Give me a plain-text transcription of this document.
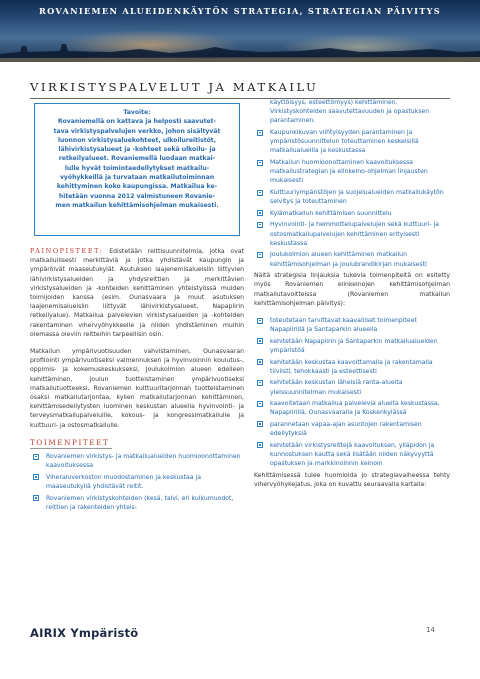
ROVANIEMEN ALUEIDENKÄYTÖN STRATEGIA, STRATEGIAN PÄIVITYS
VIRKISTYSPALVELUT JA MATKAILU
Tavoite:
Rovaniemellä on kattava ja helposti saavutet-
tava virkistyspalvelujen verkko, johon sisältyvät
luonnon virkistysaluekohteet, ulkoilureitistöt,
lähivirkistysalueet ja -kohteet sekä ulkoilu- ja
retkeilyalueet. Rovaniemellä luodaan matkai-
lulle hyvät toimintaedellytykset matkailu-
vyöhykkeillä ja turvataan matkailutoiminnan
kehittyminen koko kaupungissa. Matkailua ke-
hitetään vuonna 2012 valmistuneen Rovanie-
men matkailun kehittämisohjelman mukaisesti.

PAINOPISTEET: Edistetään reittisuunnitelmia, jotka ovat matkailullisesti merkittäviä ja jotka yhdistävät kaupungin ja ympäröivät maaseutukylät. Asutuksen laajenemisalueisiin liittyvien lähivirkistysalueiden ja yhdysreittien ja merkittävien virkistysalueiden ja -kohteiden kehittäminen yhteistyössä muiden toimijoiden kanssa (esim. Ounasvaara ja muut asutuksen laajenemisalueisiin liittyvät lähivirkistysalueet, Napapiirin retkeilyalue). Matkailua palvelevien virkistysalueiden ja -kohteiden rakentaminen vihervyöhykkeelle ja niiden yhdistäminen muihin olemassa oleviin reitteihin tarpeellisin osin.

Matkailun ympärivuotisuuden vahvistaminen, Ounasvaaran profilointi ympärivuotiseksi valmennuksen ja hyvinvoinnin koulutus-, oppimis- ja kokemuskeskukseksi, Joulukolmion alueen edelleen kehittäminen, joulun tuotteistaminen ympärivuotiseksi matkailutuotteeksi, Rovaniemen kulttuuritarjonnan tuotteistaminen osaksi matkailutarjontaa, kylien matkailutarjonnan kehittäminen, kehittämisedellytysten luominen keskustan alueella hyvinvointi- ja terveysmatkailupalveluille, kokous- ja kongressimatkailulle ja kulttuuri- ja ostosmatkailulle.

TOIMENPITEET
Rovaniemen virkistys- ja matkailualueiden huomioonottaminen kaavoituksessa
Viheraluverkoston muodostaminen ja keskustaa ja maaseutukyliä yhdistävät reitit.
Rovaniemen virkistyskohteiden (kesä, talvi, eri kulkumuodot, reittien ja rakenteiden yhteis-
käyttöisyys, esteettömyys) kehittäminen. Virkistyskohteiden saavutettavuuden ja opastuksen parantaminen.
Kaupunkikuvan viihtyisyyden parantaminen ja ympäristösuunnittelun toteuttaminen keskeisillä matkailualueilla ja keskustassa
Matkailun huomioonottaminen kaavoituksessa matkailustrategian ja elinkeino-ohjelman linjausten mukaisesti
Kulttuuriympäristöjen ja suojelualueiden matkailukäytön selvitys ja toteuttaminen
Kylämatkailun kehittämisen suunnittelu
Hyvinvointi- ja hemmottelupalvelujen sekä kulttuuri- ja ostosmatkailupalvelujen kehittäminen erityisesti keskustassa
Joulukolmion alueen kehittäminen matkailun kehittämisohjelman ja joulubrandikirjan mukaisesti

Näitä strategisia linjauksia tukevia toimenpiteitä on esitetty myös Rovaniemen elinkeinojen kehittämisohjelman matkailutavoitteissa (Rovaniemen matkailun kehittämisohjelman päivitys):

toteutetaan tarvittavat kaavalliset toimenpiteet Napapiirillä ja Santaparkin alueella
kehitetään Napapiirin ja Santaparkin matkailualueiden ympäristöä
kehitetään keskustaa kaavoittamalla ja rakentamalla tiiviisti, tehokkaasti ja esteettisesti
kehitetään keskustan läheisiä ranta-alueita yleissuunnitelman mukaisesti
kaavoitetaan matkailua palvelevia alueita keskustassa, Napapiirillä, Ounasvaaralla ja Koskenkylässä
parannetaan vapaa-ajan asuntojen rakentamisen edellytyksiä
kehitetään virkistysreittejä kaavoituksen, ylläpidon ja kunnostuksen kautta sekä lisätään niiden näkyvyyttä opastuksen ja markkinoinnin keinoin

Kehittämisessä tulee huomioida jo strategiavaiheessa tehty vihervyöhykejatus, joka on kuvattu seuraavalla kartalla:

AIRIX Ympäristö	14
